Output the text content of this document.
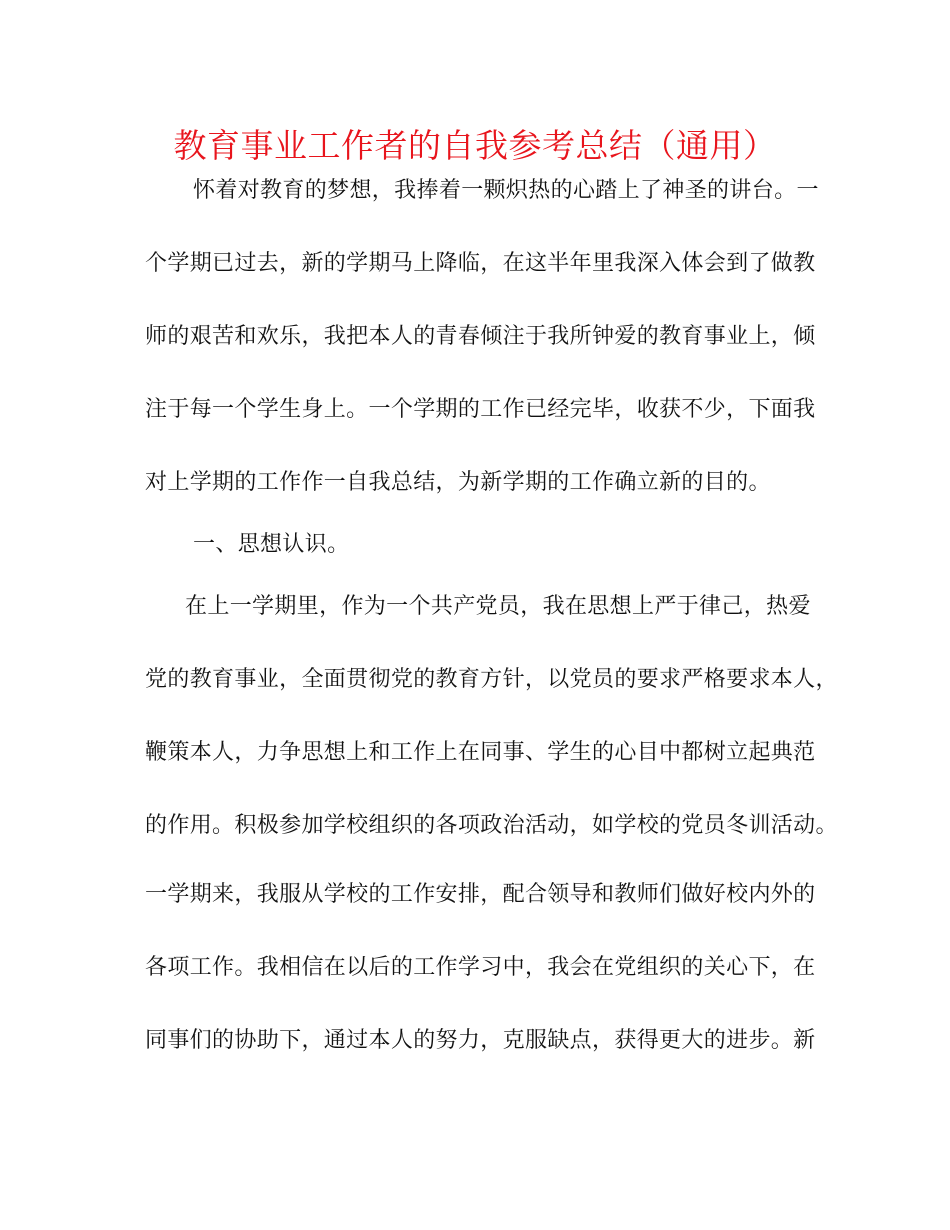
教育事业工作者的自我参考总结（通用）
怀着对教育的梦想，我捧着一颗炽热的心踏上了神圣的讲台。一
个学期已过去，新的学期马上降临，在这半年里我深入体会到了做教
师的艰苦和欢乐，我把本人的青春倾注于我所钟爱的教育事业上，倾
注于每一个学生身上。一个学期的工作已经完毕，收获不少，下面我
对上学期的工作作一自我总结，为新学期的工作确立新的目的。
一、思想认识。
在上一学期里，作为一个共产党员，我在思想上严于律己，热爱
党的教育事业，全面贯彻党的教育方针，以党员的要求严格要求本人，
鞭策本人，力争思想上和工作上在同事、学生的心目中都树立起典范
的作用。积极参加学校组织的各项政治活动，如学校的党员冬训活动。
一学期来，我服从学校的工作安排，配合领导和教师们做好校内外的
各项工作。我相信在以后的工作学习中，我会在党组织的关心下，在
同事们的协助下，通过本人的努力，克服缺点，获得更大的进步。新
